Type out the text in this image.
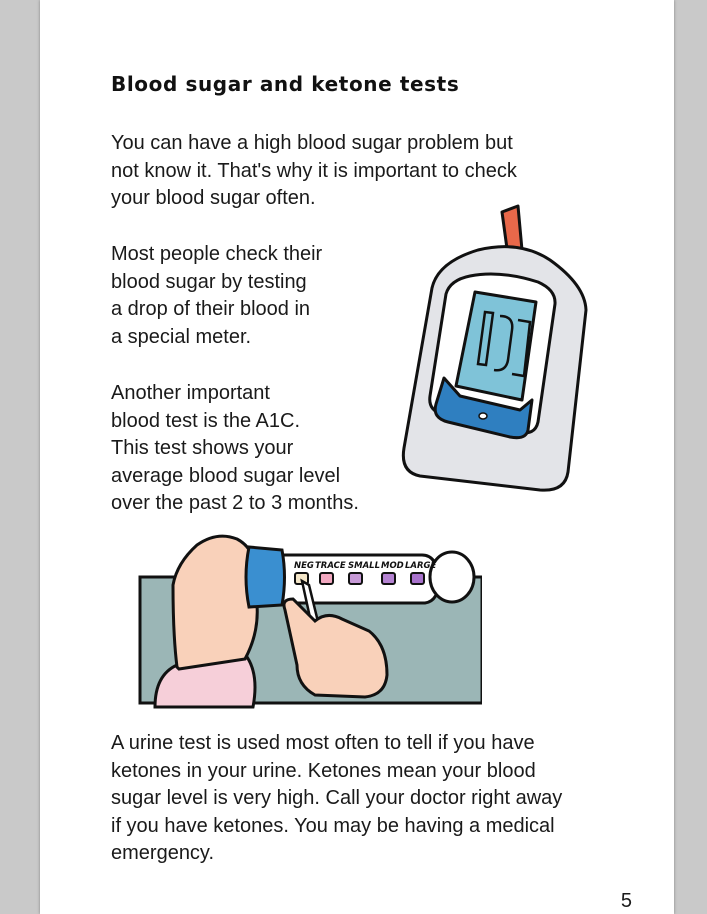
Blood sugar and ketone tests

You can have a high blood sugar problem but
not know it. That's why it is important to check
your blood sugar often.

Most people check their
blood sugar by testing
a drop of their blood in
a special meter.

Another important
blood test is the A1C.
This test shows your
average blood sugar level
over the past 2 to 3 months.

108
NEG TRACE SMALL MOD LARGE

A urine test is used most often to tell if you have
ketones in your urine. Ketones mean your blood
sugar level is very high. Call your doctor right away
if you have ketones. You may be having a medical
emergency.

5
